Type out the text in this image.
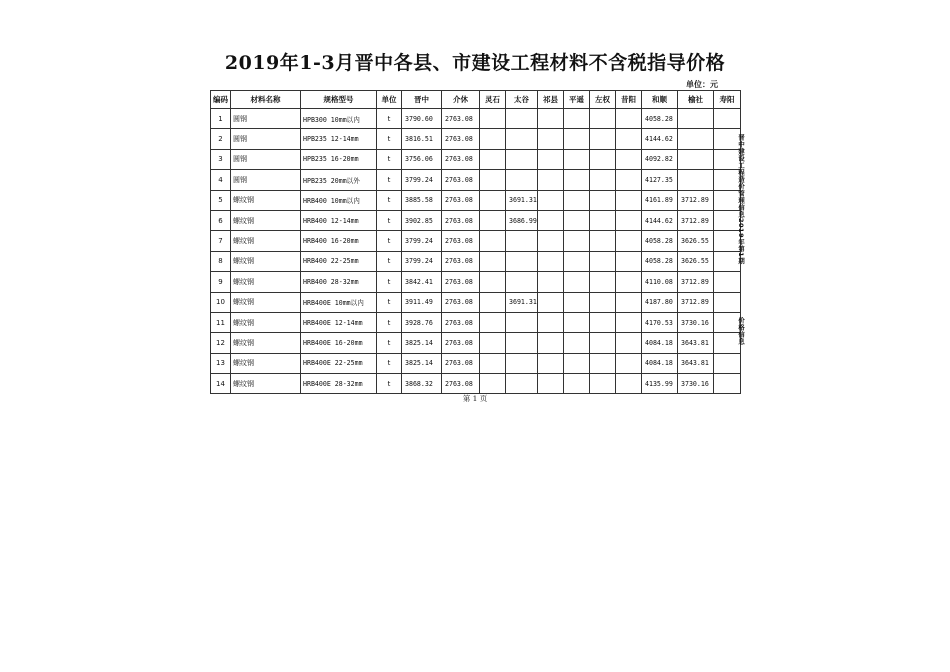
2019年1-3月晋中各县、市建设工程材料不含税指导价格
单位：元
编码	材料名称	规格型号	单位	晋中	介休	灵石	太谷	祁县	平遥	左权	昔阳	和顺	榆社	寿阳
1	圆钢	HPB300 10mm以内	t	3790.60	2763.08							4058.28		
2	圆钢	HPB235 12-14mm	t	3816.51	2763.08							4144.62		
3	圆钢	HPB235 16-20mm	t	3756.06	2763.08							4092.82		
4	圆钢	HPB235 20mm以外	t	3799.24	2763.08							4127.35		
5	螺纹钢	HRB400 10mm以内	t	3885.58	2763.08		3691.31					4161.89	3712.89	
6	螺纹钢	HRB400 12-14mm	t	3902.85	2763.08		3686.99					4144.62	3712.89	
7	螺纹钢	HRB400 16-20mm	t	3799.24	2763.08							4058.28	3626.55	
8	螺纹钢	HRB400 22-25mm	t	3799.24	2763.08							4058.28	3626.55	
9	螺纹钢	HRB400 28-32mm	t	3842.41	2763.08							4110.08	3712.89	
10	螺纹钢	HRB400E 10mm以内	t	3911.49	2763.08		3691.31					4187.80	3712.89	
11	螺纹钢	HRB400E 12-14mm	t	3928.76	2763.08							4170.53	3730.16	
12	螺纹钢	HRB400E 16-20mm	t	3825.14	2763.08							4084.18	3643.81	
13	螺纹钢	HRB400E 22-25mm	t	3825.14	2763.08							4084.18	3643.81	
14	螺纹钢	HRB400E 28-32mm	t	3868.32	2763.08							4135.99	3730.16	
晋中建设工程造价管理信息2019年第1期
价格信息
第 1 页
